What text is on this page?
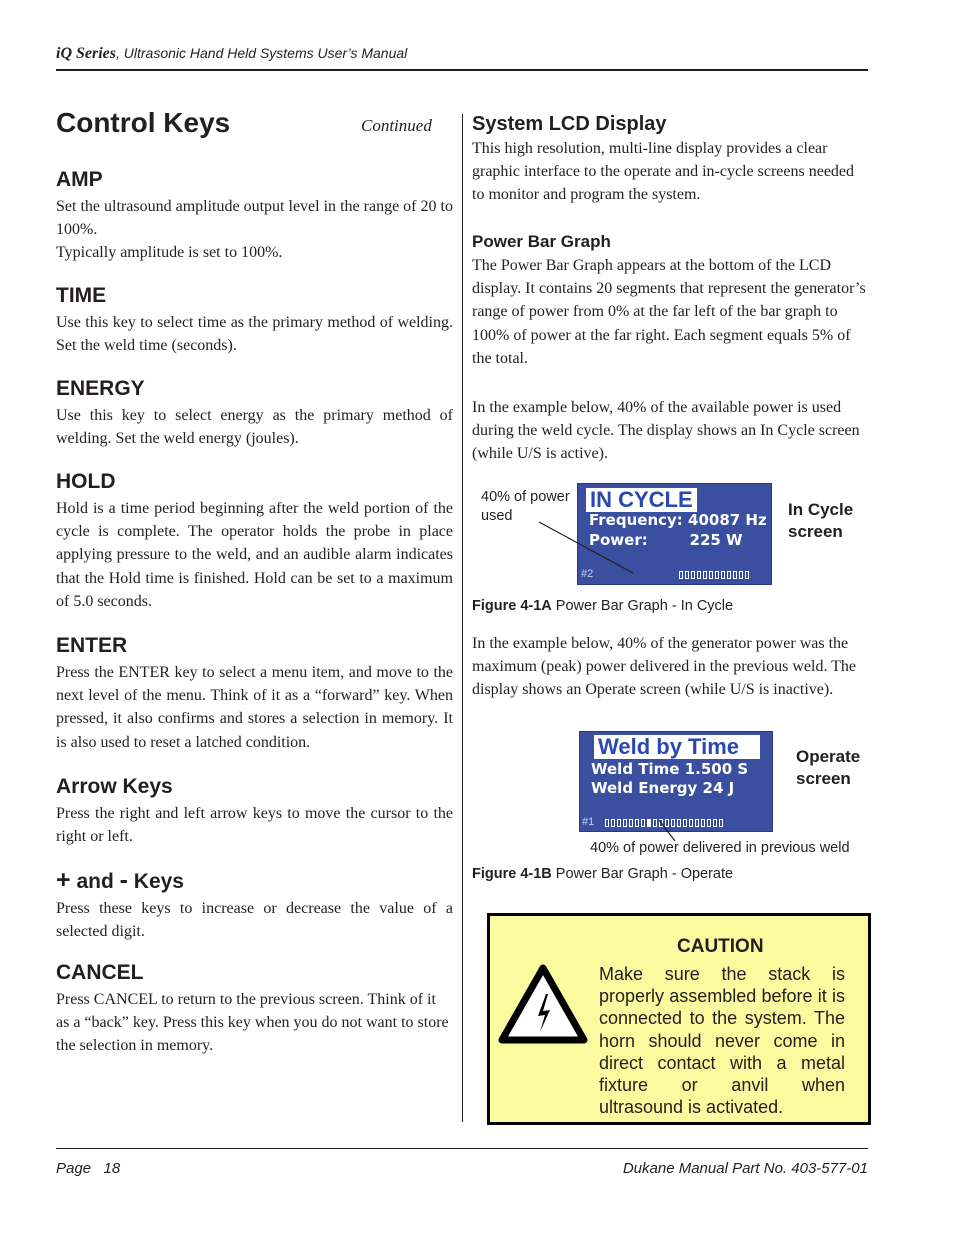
iQ Series, Ultrasonic Hand Held Systems User’s Manual
Control Keys	Continued
AMP

Set the ultrasound amplitude output level in the range of 20 to 100%.

Typically amplitude is set to 100%.

TIME

Use this key to select time as the primary method of welding. Set the weld time (seconds).

ENERGY

Use this key to select energy as the primary method of welding. Set the weld energy (joules).

HOLD

Hold is a time period beginning after the weld portion of the cycle is complete. The operator holds the probe in place applying pressure to the weld, and an audible alarm indicates that the Hold time is finished. Hold can be set to a maximum of 5.0 seconds.

ENTER

Press the ENTER key to select a menu item, and move to the next level of the menu. Think of it as a “forward” key. When pressed, it also confirms and stores a selection in memory. It is also used to reset a latched condition.

Arrow Keys

Press the right and left arrow keys to move the cursor to the right or left.

+ and - Keys

Press these keys to increase or decrease the value of a selected digit.

CANCEL

Press CANCEL to return to the previous screen. Think of it as a “back” key. Press this key when you do not want to store the selection in memory.

System LCD Display

This high resolution, multi-line display provides a clear graphic interface to the operate and in-cycle screens needed to monitor and program the system.

Power Bar Graph

The Power Bar Graph appears at the bottom of the LCD display. It contains 20 segments that represent the generator’s range of power from 0% at the far left of the bar graph to 100% of power at the far right. Each segment equals 5% of the total.

In the example below, 40% of the available power is used during the weld cycle. The display shows an In Cycle screen (while U/S is active).

40% of power used
IN CYCLE
Frequency: 40087 Hz
Power:        225 W
#2
In Cycle screen
Figure 4-1A Power Bar Graph - In Cycle

In the example below, 40% of the generator power was the maximum (peak) power delivered in the previous weld. The display shows an Operate screen (while U/S is inactive).

Weld by Time
Weld Time 1.500 S
Weld Energy 24 J
#1
Operate screen
40% of power delivered in previous weld
Figure 4-1B Power Bar Graph - Operate
CAUTION
Make sure the stack is properly assembled before it is connected to the system. The horn should never come in direct contact with a metal fixture or anvil when ultrasound is activated.
Page   18	Dukane Manual Part No. 403-577-01
